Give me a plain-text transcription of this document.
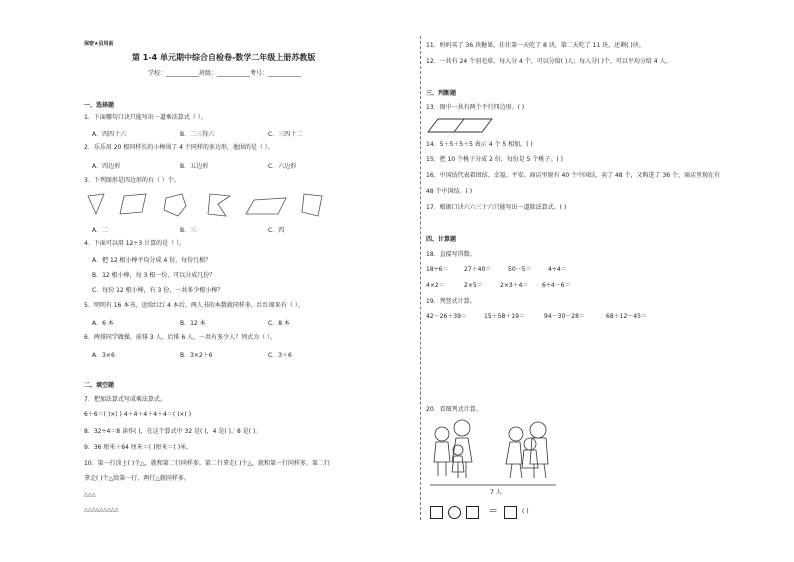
保密★启用前
第 1-4 单元期中综合自检卷-数学二年级上册苏教版
学校：___________班级：___________考号：___________
一、选择题
1．下面哪句口诀只能写出一道乘法算式（ ）。
A．四四十六	B．二三得六	C．三四十二
2．乐乐用 20 根同样长的小棒围了 4 个同样的多边形，他围的是（ ）。
A．四边形	B．五边形	C．六边形
3．下列图形是四边形的有（ ）个。
A．二	B．三	C．四
4．下面可以用 12÷3 计算的是（ ）。
A．把 12 根小棒平均分成 4 份，每份几根？
B．12 根小棒，每 3 根一份，可以分成几份？
C．每份 12 根小棒，有 3 份，一共多少根小棒？
5．明明有 16 本书，送给红红 4 本后，两人书的本数就同样多，红红原来有（ ）。
A．6 本	B．12 本	C．8 本
6．两排同学做操，前排 3 人，后排 6 人，一共有多少人？列式为（ ）。
A．3×6	B．3×2＋6	C．3＋6
二、填空题
7．把加法算式写成乘法算式。
6＋6＝( )×( ) 4＋4＋4＋4＋4＝( )×( )
8．32÷4＝8 读作( )，在这个算式中 32 是( )，4 是( )，8 是( )。
9．36 厘米＋64 厘米＝( )厘米＝( )米。
10．第一行涂上( )个△，就和第二行同样多。第二行拿走( )个△，就和第一行同样多。第二行
拿走( )个△给第一行，两行△就同样多。
△△△
△△△△△△△△△
11．妈妈买了 36 块糖果，佳佳第一天吃了 8 块，第二天吃了 11 块，还剩( )块。
12．一共有 24 个羽毛球，每人分 4 个，可以分给( )人；每人分( )个，可以平均分给 4 人。
三、判断题
13．图中一共有两个平行四边形。( )
14．5＋5＋5＋5 表示 4 个 5 相加。( )
15．把 10 个桃子分成 2 份，每份是 5 个桃子。( )
16．中国结代表着团结、幸福、平安。商店里原有 40 个中国结，卖了 48 个，又购进了 36 个，商店里现在有
48 个中国结。( )
17．根据口诀六六三十六只能写出一道除法算式。( )
四、计算题
18．直接写得数。
18÷6＝	27＋40＝	50－5＝	4÷4＝
4×2＝	2×5＝	2×3＋4＝ 6÷4－6＝
19．列竖式计算。
42－26＋39＝	15＋58＋19＝	94－30－28＝	68＋12－45＝
20．看图列式计算。
7 人
＝	( )
